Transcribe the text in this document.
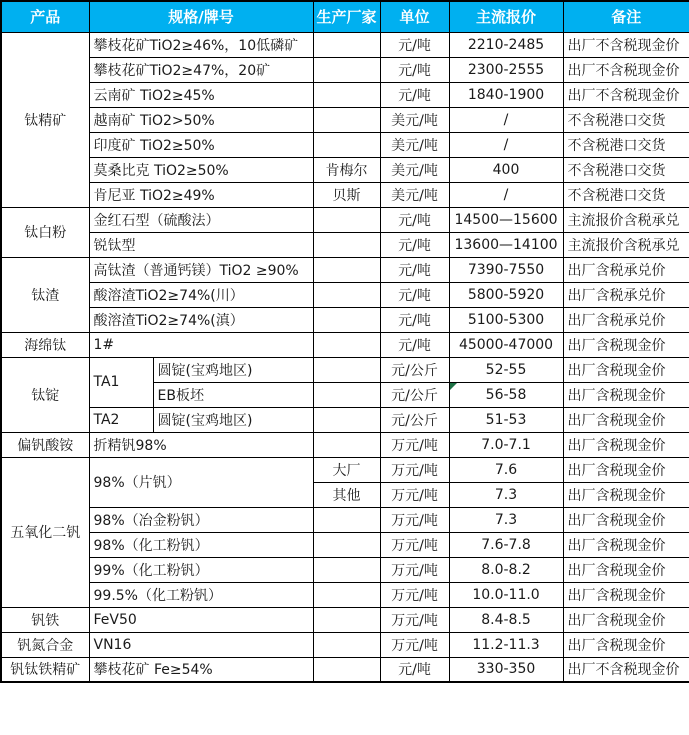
产品	规格/牌号		生产厂家	单位	主流报价	备注
钛精矿	攀枝花矿TiO2≥46%，10低磷矿			元/吨	2210-2485	出厂不含税现金价
	攀枝花矿TiO2≥47%，20矿			元/吨	2300-2555	出厂不含税现金价
	云南矿 TiO2≥45%			元/吨	1840-1900	出厂不含税现金价
	越南矿 TiO2>50%			美元/吨	/	不含税港口交货
	印度矿 TiO2≥50%			美元/吨	/	不含税港口交货
	莫桑比克 TiO2≥50%		肯梅尔	美元/吨	400	不含税港口交货
	肯尼亚 TiO2≥49%		贝斯	美元/吨	/	不含税港口交货
钛白粉	金红石型（硫酸法）			元/吨	14500—15600	主流报价含税承兑
	锐钛型			元/吨	13600—14100	主流报价含税承兑
钛渣	高钛渣（普通钙镁）TiO2 ≥90%			元/吨	7390-7550	出厂含税承兑价
	酸溶渣TiO2≥74%(川）			元/吨	5800-5920	出厂含税承兑价
	酸溶渣TiO2≥74%(滇）			元/吨	5100-5300	出厂含税承兑价
海绵钛	1#			元/吨	45000-47000	出厂含税现金价
钛锭	TA1	圆锭(宝鸡地区)		元/公斤	52-55	出厂含税现金价
		EB板坯		元/公斤	56-58	出厂含税现金价
	TA2	圆锭(宝鸡地区)		元/公斤	51-53	出厂含税现金价
偏钒酸铵	折精钒98%			万元/吨	7.0-7.1	出厂含税现金价
五氧化二钒	98%（片钒）		大厂	万元/吨	7.6	出厂含税现金价
			其他	万元/吨	7.3	出厂含税现金价
	98%（冶金粉钒）			万元/吨	7.3	出厂含税现金价
	98%（化工粉钒）			万元/吨	7.6-7.8	出厂含税现金价
	99%（化工粉钒）			万元/吨	8.0-8.2	出厂含税现金价
	99.5%（化工粉钒）			万元/吨	10.0-11.0	出厂含税现金价
钒铁	FeV50			万元/吨	8.4-8.5	出厂含税现金价
钒氮合金	VN16			万元/吨	11.2-11.3	出厂含税现金价
钒钛铁精矿	攀枝花矿 Fe≥54%			元/吨	330-350	出厂不含税现金价
